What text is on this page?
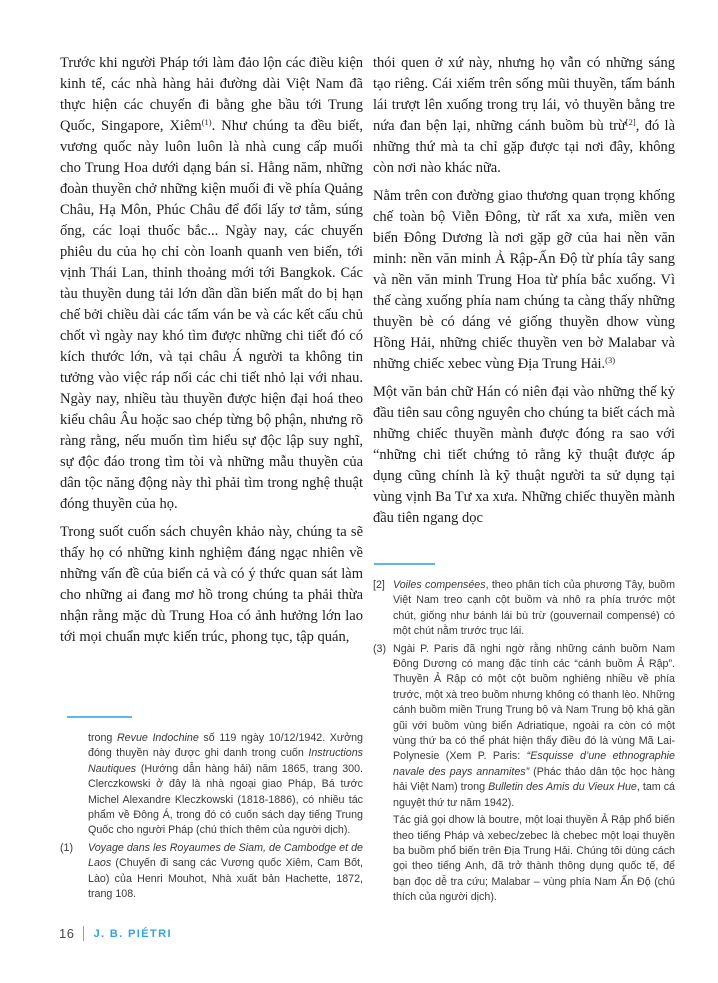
Trước khi người Pháp tới làm đảo lộn các điều kiện kinh tế, các nhà hàng hải đường dài Việt Nam đã thực hiện các chuyến đi bằng ghe bầu tới Trung Quốc, Singapore, Xiêm$^{(1)}$. Như chúng ta đều biết, vương quốc này luôn luôn là nhà cung cấp muối cho Trung Hoa dưới dạng bán sỉ. Hằng năm, những đoàn thuyền chở những kiện muối đi về phía Quảng Châu, Hạ Môn, Phúc Châu để đổi lấy tơ tằm, súng ống, các loại thuốc bắc... Ngày nay, các chuyến phiêu du của họ chỉ còn loanh quanh ven biển, tới vịnh Thái Lan, thỉnh thoảng mới tới Bangkok. Các tàu thuyền dung tải lớn dần dần biến mất do bị hạn chế bởi chiều dài các tấm ván be và các kết cấu chủ chốt vì ngày nay khó tìm được những chi tiết đó có kích thước lớn, và tại châu Á người ta không tin tưởng vào việc ráp nối các chi tiết nhỏ lại với nhau. Ngày nay, nhiều tàu thuyền được hiện đại hoá theo kiểu châu Âu hoặc sao chép từng bộ phận, nhưng rõ ràng rằng, nếu muốn tìm hiểu sự độc lập suy nghĩ, sự độc đáo trong tìm tòi và những mẫu thuyền của dân tộc năng động này thì phải tìm trong nghệ thuật đóng thuyền của họ.

Trong suốt cuốn sách chuyên khảo này, chúng ta sẽ thấy họ có những kinh nghiệm đáng ngạc nhiên về những vấn đề của biển cả và có ý thức quan sát làm cho những ai đang mơ hồ trong chúng ta phải thừa nhận rằng mặc dù Trung Hoa có ảnh hưởng lớn lao tới mọi chuẩn mực kiến trúc, phong tục, tập quán,

thói quen ở xứ này, nhưng họ vẫn có những sáng tạo riêng. Cái xiếm trên sống mũi thuyền, tấm bánh lái trượt lên xuống trong trụ lái, vỏ thuyền bằng tre nứa đan bện lại, những cánh buồm bù trừ[2], đó là những thứ mà ta chỉ gặp được tại nơi đây, không còn nơi nào khác nữa.

Nằm trên con đường giao thương quan trọng khống chế toàn bộ Viễn Đông, từ rất xa xưa, miền ven biển Đông Dương là nơi gặp gỡ của hai nền văn minh: nền văn minh Ả Rập-Ấn Độ từ phía tây sang và nền văn minh Trung Hoa từ phía bắc xuống. Vì thế càng xuống phía nam chúng ta càng thấy những thuyền bè có dáng vẻ giống thuyền dhow vùng Hồng Hải, những chiếc thuyền ven bờ Malabar và những chiếc xebec vùng Địa Trung Hải.$^{(3)}$

Một văn bản chữ Hán có niên đại vào những thế kỷ đầu tiên sau công nguyên cho chúng ta biết cách mà những chiếc thuyền mành được đóng ra sao với “những chi tiết chứng tỏ rằng kỹ thuật được áp dụng cũng chính là kỹ thuật người ta sử dụng tại vùng vịnh Ba Tư xa xưa. Những chiếc thuyền mành đầu tiên ngang dọc

trong Revue Indochine số 119 ngày 10/12/1942. Xưởng đóng thuyền này được ghi danh trong cuốn Instructions Nautiques (Hướng dẫn hàng hải) năm 1865, trang 300. Clerczkowski ở đây là nhà ngoại giao Pháp, Bá tước Michel Alexandre Kleczkowski (1818-1886), có nhiều tác phẩm về Đông Á, trong đó có cuốn sách dạy tiếng Trung Quốc cho người Pháp (chú thích thêm của người dịch).
(1)	Voyage dans les Royaumes de Siam, de Cambodge et de Laos (Chuyến đi sang các Vương quốc Xiêm, Cam Bốt, Lào) của Henri Mouhot, Nhà xuất bản Hachette, 1872, trang 108.
[2] Voiles compensées, theo phân tích của phương Tây, buồm Việt Nam treo cạnh cột buồm và nhô ra phía trước một chút, giống như bánh lái bù trừ (gouvernail compensé) có một chút nằm trước trục lái.
(3) Ngài P. Paris đã nghi ngờ rằng những cánh buồm Nam Đông Dương có mang đặc tính các “cánh buồm Ả Rập”. Thuyền Ả Rập có một cột buồm nghiêng nhiều về phía trước, một xà treo buồm nhưng không có thanh lèo. Những cánh buồm miền Trung Trung bộ và Nam Trung bộ khá gần gũi với buồm vùng biển Adriatique, ngoài ra còn có một vùng thứ ba có thể phát hiện thấy điều đó là vùng Mã Lai-Polynesie (Xem P. Paris: “Esquisse d’une ethnographie navale des pays annamites” (Phác thảo dân tộc học hàng hải Việt Nam) trong Bulletin des Amis du Vieux Hue, tam cá nguyệt thứ tư năm 1942).
Tác giả gọi dhow là boutre, một loại thuyền Ả Rập phổ biến theo tiếng Pháp và xebec/zebec là chebec một loại thuyền ba buồm phổ biến trên Địa Trung Hải. Chúng tôi dùng cách gọi theo tiếng Anh, đã trở thành thông dụng quốc tế, để bạn đọc dễ tra cứu; Malabar – vùng phía Nam Ấn Độ (chú thích của người dịch).
16 J. B. PIÉTRI
